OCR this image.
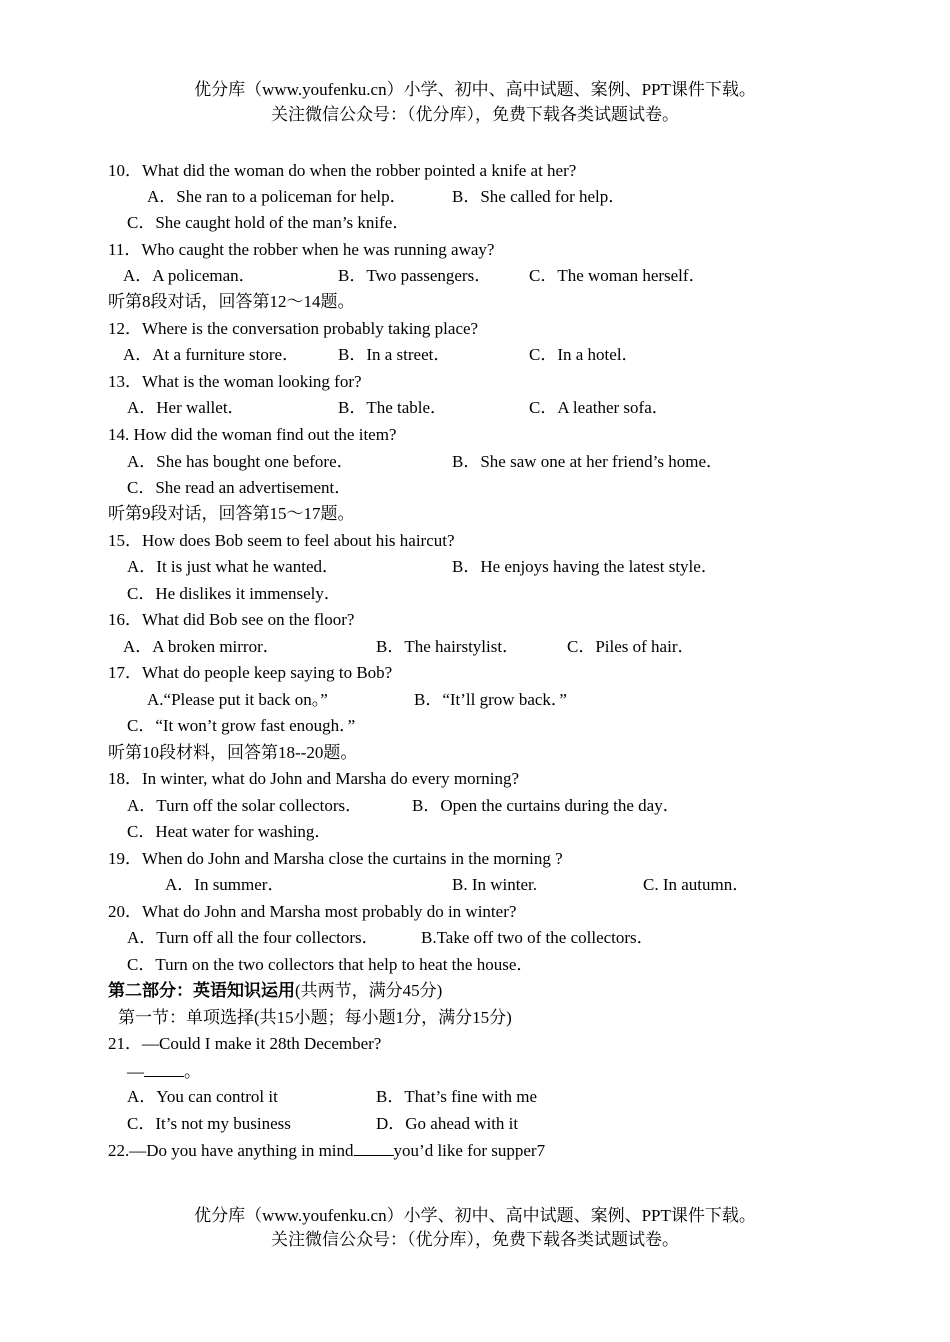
优分库（www.youfenku.cn）小学、初中、高中试题、案例、PPT课件下载。
关注微信公众号：（优分库），免费下载各类试题试卷。
10．What did the woman do when the robber pointed a knife at her?
A．She ran to a policeman for help．	B．She called for help．
C．She caught hold of the man’s knife．
11．Who caught the robber when he was running away?
A．A policeman．	B．Two passengers． C．The woman herself．
听第8段对话，回答第12～14题。
12．Where is the conversation probably taking place?
A．At a furniture store． B．In a street．	C．In a hotel．
13．What is the woman looking for?
A．Her wallet．	B．The table．	C．A leather sofa．
14. How did the woman find out the item?
A．She has bought one before．	B．She saw one at her friend’s home．
C．She read an advertisement．
听第9段对话，回答第15～17题。
15．How does Bob seem to feel about his haircut?
A．It is just what he wanted．	B．He enjoys having the latest style．
C．He dislikes it immensely．
16．What did Bob see on the floor?
A．A broken mirror．	B．The hairstylist．	C．Piles of hair．
17．What do people keep saying to Bob?
A.“Please put it back on。”	B．“It’ll grow back．”
C．“It won’t grow fast enough．”
听第10段材料，回答第18--20题。
18．In winter, what do John and Marsha do every morning?
A．Turn off the solar collectors．	B．Open the curtains during the day．
C．Heat water for washing．
19．When do John and Marsha close the curtains in the morning ?
A．In summer．	B. In winter.	C. In autumn．
20．What do John and Marsha most probably do in winter?
A．Turn off all the four collectors． B.Take off two of the collectors．
C．Turn on the two collectors that help to heat the house．
第二部分：英语知识运用(共两节，满分45分)
第一节：单项选择(共15小题；每小题1分，满分15分)
21．—Could I make it 28th December?
— 。
A．You can control it	B．That’s fine with me
C．It’s not my business	D．Go ahead with it
22.—Do you have anything in mind you’d like for supper7
优分库（www.youfenku.cn）小学、初中、高中试题、案例、PPT课件下载。
关注微信公众号：（优分库），免费下载各类试题试卷。
